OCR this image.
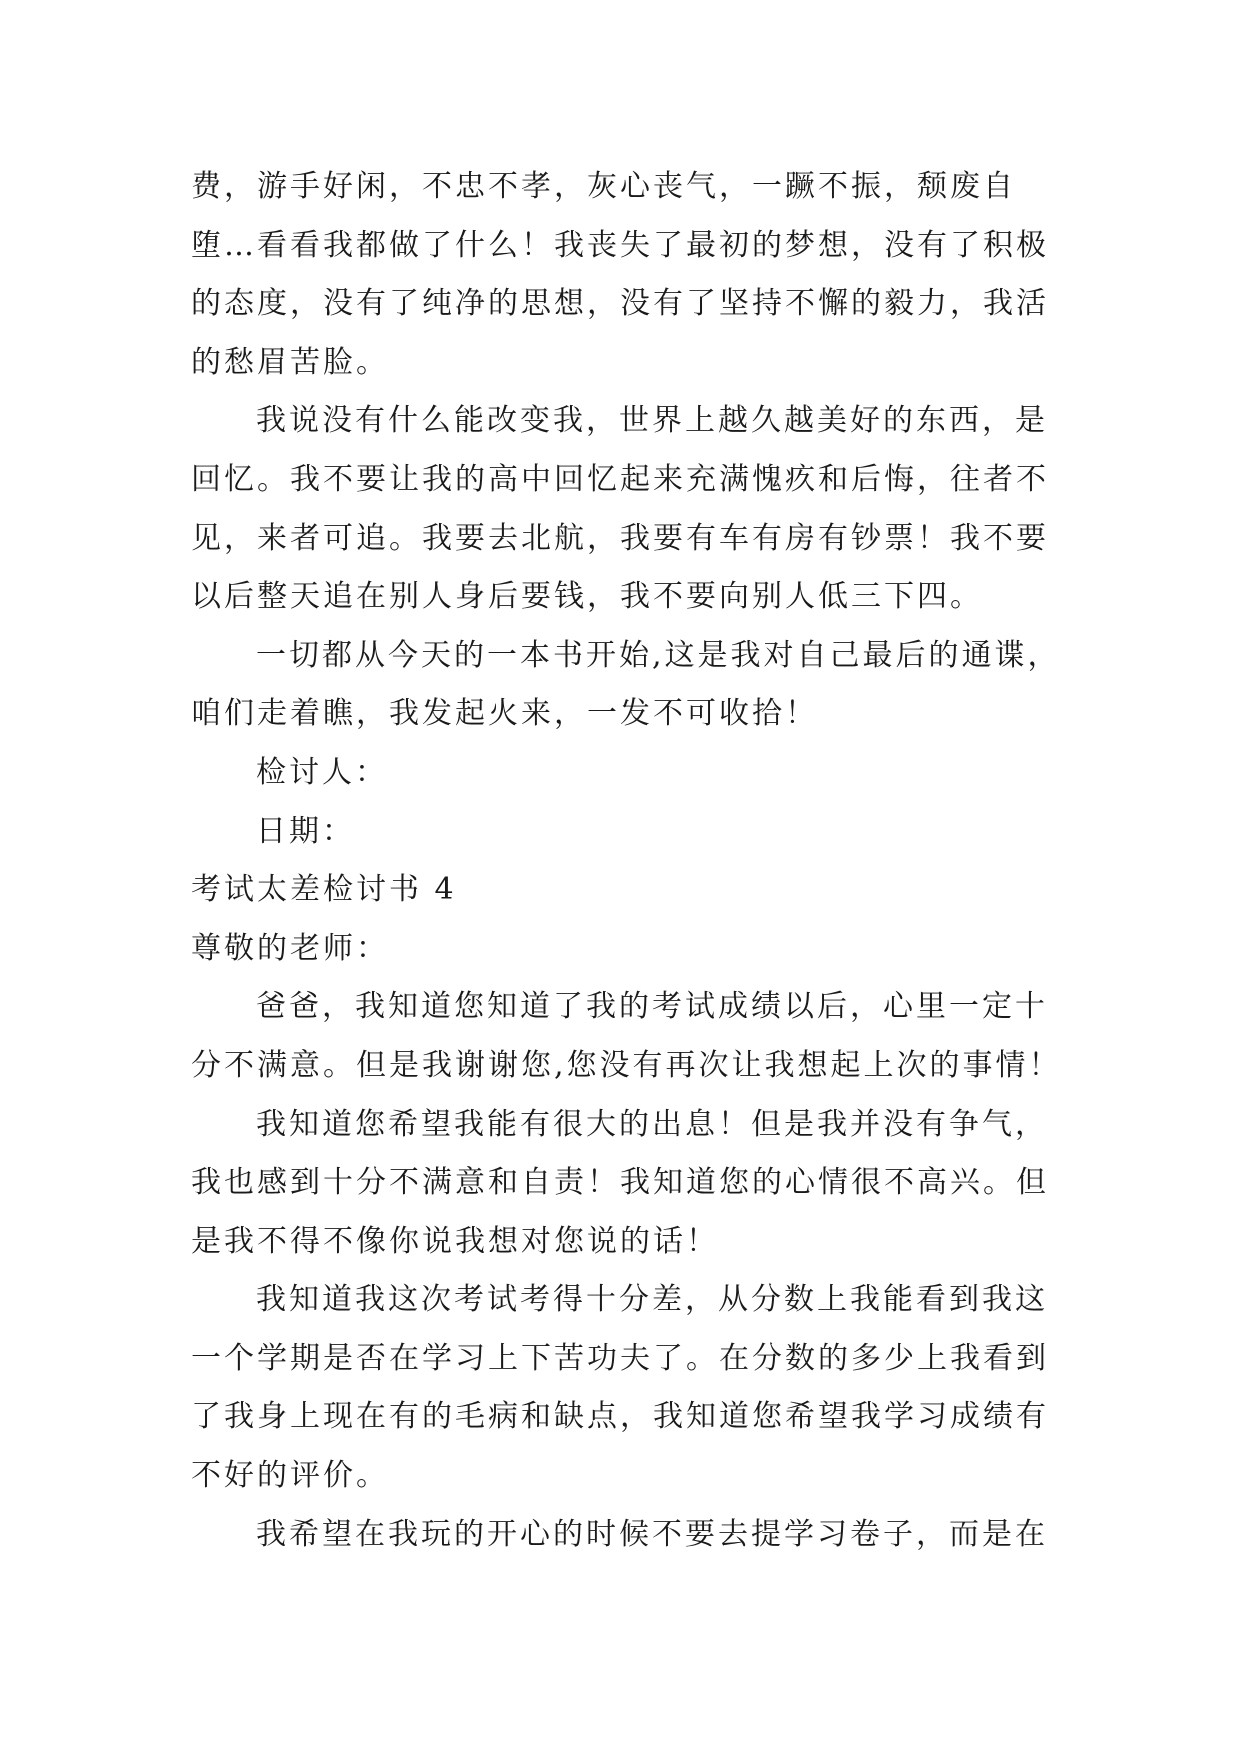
费，游手好闲，不忠不孝，灰心丧气，一蹶不振，颓废自
堕…看看我都做了什么！我丧失了最初的梦想，没有了积极
的态度，没有了纯净的思想，没有了坚持不懈的毅力，我活
的愁眉苦脸。
我说没有什么能改变我，世界上越久越美好的东西，是
回忆。我不要让我的高中回忆起来充满愧疚和后悔，往者不
见，来者可追。我要去北航，我要有车有房有钞票！我不要
以后整天追在别人身后要钱，我不要向别人低三下四。
一切都从今天的一本书开始,这是我对自己最后的通谍，
咱们走着瞧，我发起火来，一发不可收拾！
检讨人：
日期：
考试太差检讨书 4
尊敬的老师：
爸爸，我知道您知道了我的考试成绩以后，心里一定十
分不满意。但是我谢谢您,您没有再次让我想起上次的事情！
我知道您希望我能有很大的出息！但是我并没有争气，
我也感到十分不满意和自责！我知道您的心情很不高兴。但
是我不得不像你说我想对您说的话！
我知道我这次考试考得十分差，从分数上我能看到我这
一个学期是否在学习上下苦功夫了。在分数的多少上我看到
了我身上现在有的毛病和缺点，我知道您希望我学习成绩有
不好的评价。
我希望在我玩的开心的时候不要去提学习卷子，而是在
